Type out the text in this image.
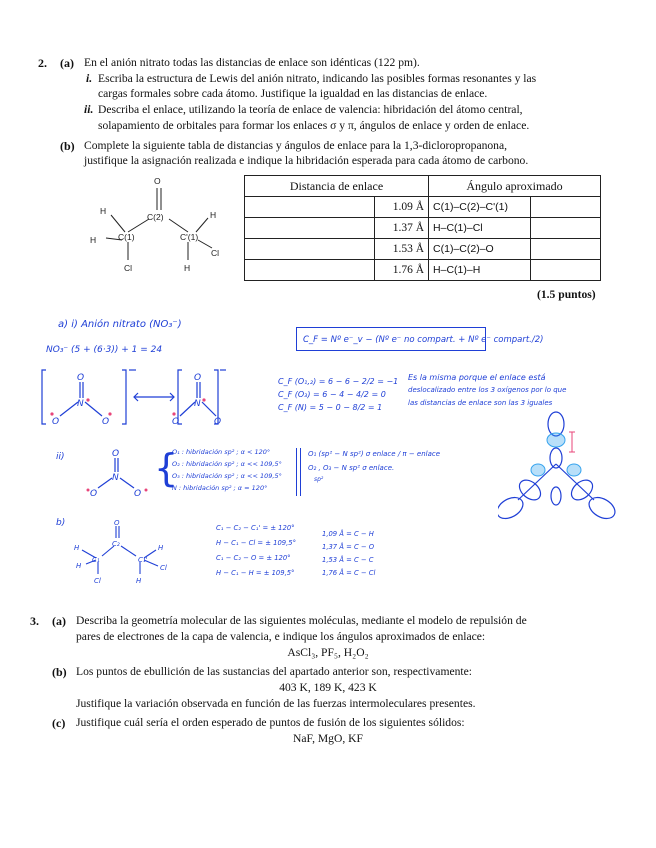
2. (a) En el anión nitrato todas las distancias de enlace son idénticas (122 pm).
i. Escriba la estructura de Lewis del anión nitrato, indicando las posibles formas resonantes y las
cargas formales sobre cada átomo. Justifique la igualdad en las distancias de enlace.
ii. Describa el enlace, utilizando la teoría de enlace de valencia: hibridación del átomo central,
solapamiento de orbitales para formar los enlaces σ y π, ángulos de enlace y orden de enlace.
(b) Complete la siguiente tabla de distancias y ángulos de enlace para la 1,3-dicloropropanona,
justifique la asignación realizada e indique la hibridación esperada para cada átomo de carbono.
O
C(2)
C(1)	C'(1)
H
H
Cl
H
Cl
H
Distancia de enlace		Ángulo aproximado	
	1.09 Å	C(1)–C(2)–C'(1)	
	1.37 Å	H–C(1)–Cl	
	1.53 Å	C(1)–C(2)–O	
	1.76 Å	H–C(1)–H	
(1.5 puntos)
a) i) Anión nitrato (NO₃⁻)
NO₃⁻ (5 + (6·3)) + 1 = 24
C_F = Nº e⁻_v − (Nº e⁻ no compart. + Nº e⁻ compart./2)
O
N
O	O
O
N
O	O
C_F (O₁,₂) = 6 − 6 − 2/2 = −1
C_F (O₃) = 6 − 4 − 4/2 = 0
C_F (N) = 5 − 0 − 8/2 = 1
Es la misma porque el enlace está
deslocalizado entre los 3 oxígenos por lo que
las distancias de enlace son las 3 iguales
ii)	O
N
O	O
{
O₁ : hibridación sp² ; α < 120°
O₂ : hibridación sp² ; α << 109,5°
O₃ : hibridación sp² ; α << 109,5°
N : hibridación sp² ; α = 120°
O₁ (sp² − N sp²) σ enlace / π − enlace
O₂ , O₃ − N sp² σ enlace.
sp²
b)	O
C₂
C₁	C₁'
H
H
Cl
H
Cl
H
C₁ − C₂ − C₁' = ± 120°
H − C₁ − Cl = ± 109,5°
C₁ − C₂ − O = ± 120°
H − C₁ − H = ± 109,5°
1,09 Å = C − H
1,37 Å = C − O
1,53 Å = C − C
1,76 Å = C − Cl
3. (a) Describa la geometría molecular de las siguientes moléculas, mediante el modelo de repulsión de
pares de electrones de la capa de valencia, e indique los ángulos aproximados de enlace:
AsCl₃, PF₅, H₂O₂
(b) Los puntos de ebullición de las sustancias del apartado anterior son, respectivamente:
403 K, 189 K, 423 K
Justifique la variación observada en función de las fuerzas intermoleculares presentes.
(c) Justifique cuál sería el orden esperado de puntos de fusión de los siguientes sólidos:
NaF, MgO, KF
